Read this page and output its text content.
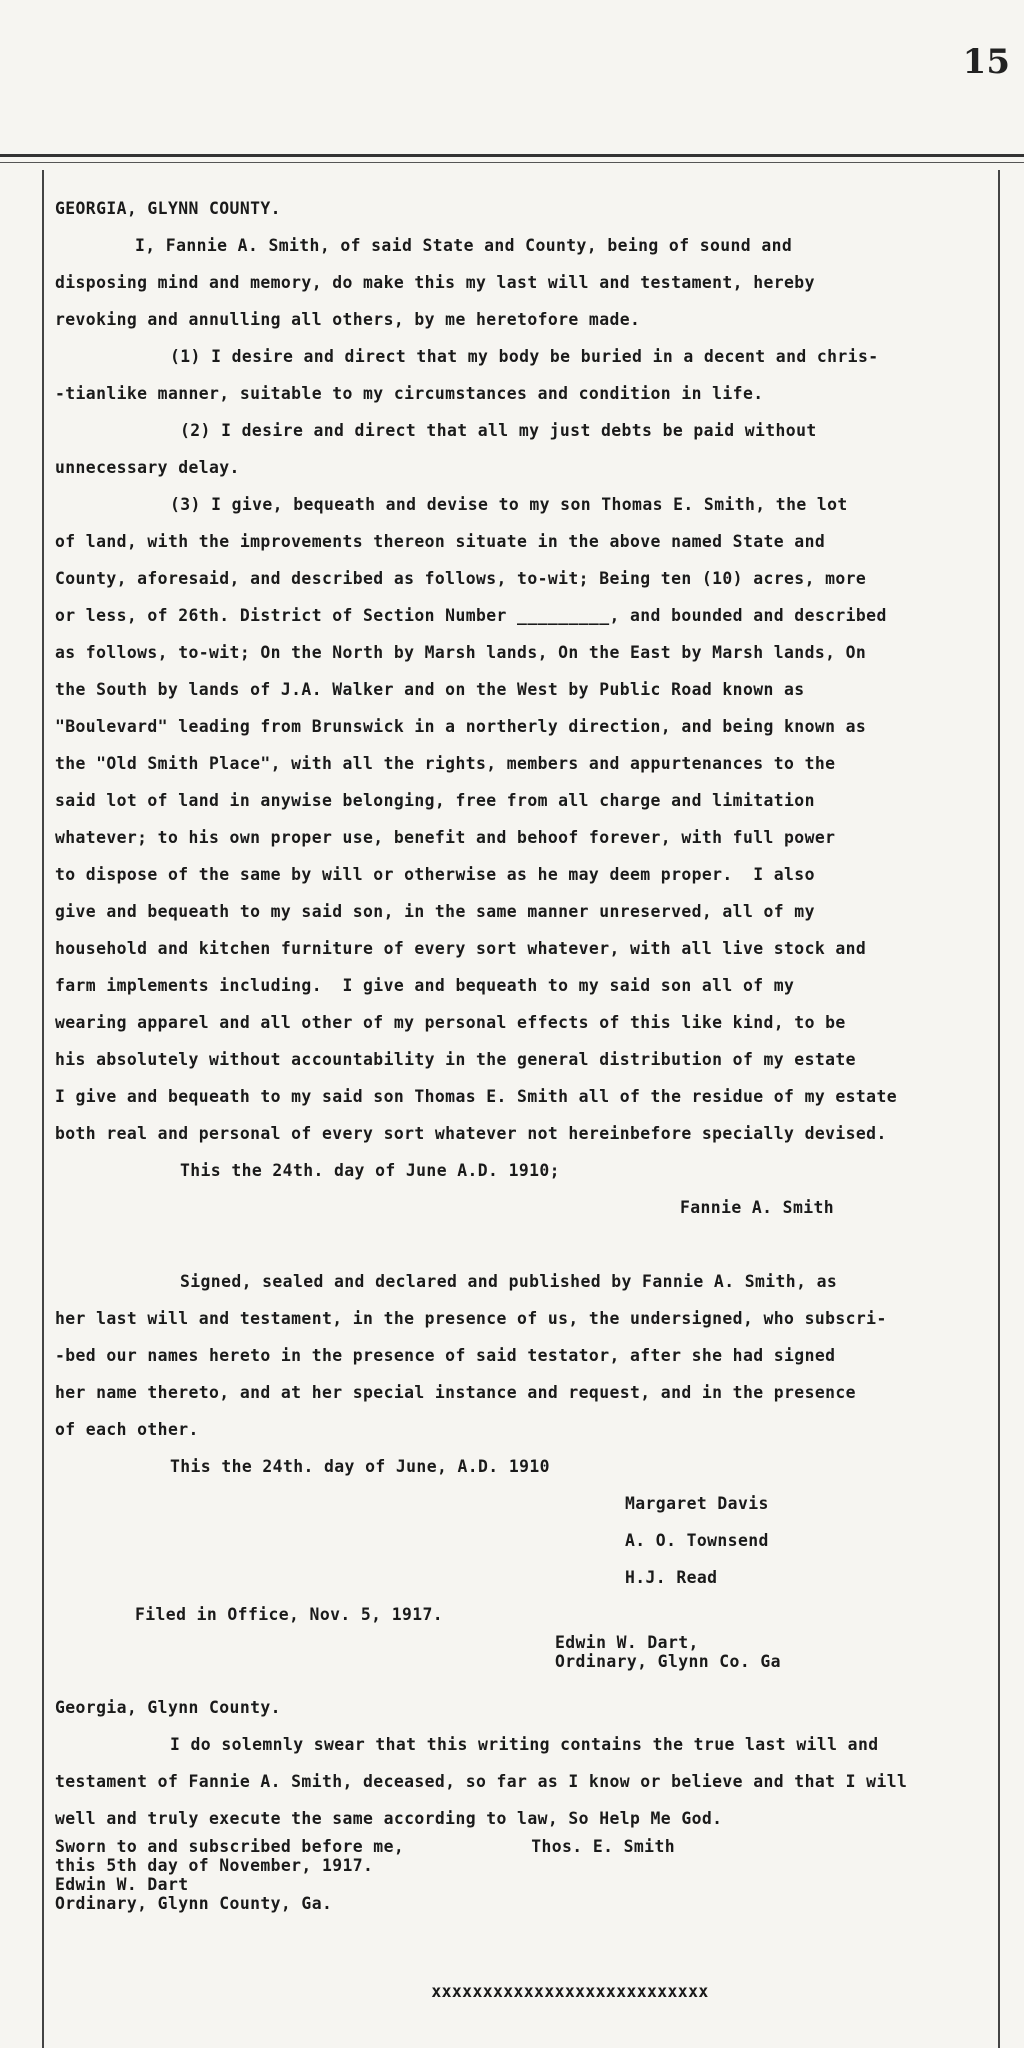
15
GEORGIA, GLYNN COUNTY.
I, Fannie A. Smith, of said State and County, being of sound and
disposing mind and memory, do make this my last will and testament, hereby
revoking and annulling all others, by me heretofore made.
(1) I desire and direct that my body be buried in a decent and chris-
-tianlike manner, suitable to my circumstances and condition in life.
(2) I desire and direct that all my just debts be paid without
unnecessary delay.
(3) I give, bequeath and devise to my son Thomas E. Smith, the lot
of land, with the improvements thereon situate in the above named State and
County, aforesaid, and described as follows, to-wit; Being ten (10) acres, more
or less, of 26th. District of Section Number _________, and bounded and described
as follows, to-wit; On the North by Marsh lands, On the East by Marsh lands, On
the South by lands of J.A. Walker and on the West by Public Road known as
"Boulevard" leading from Brunswick in a northerly direction, and being known as
the "Old Smith Place", with all the rights, members and appurtenances to the
said lot of land in anywise belonging, free from all charge and limitation
whatever; to his own proper use, benefit and behoof forever, with full power
to dispose of the same by will or otherwise as he may deem proper.  I also
give and bequeath to my said son, in the same manner unreserved, all of my
household and kitchen furniture of every sort whatever, with all live stock and
farm implements including.  I give and bequeath to my said son all of my
wearing apparel and all other of my personal effects of this like kind, to be
his absolutely without accountability in the general distribution of my estate
I give and bequeath to my said son Thomas E. Smith all of the residue of my estate
both real and personal of every sort whatever not hereinbefore specially devised.
This the 24th. day of June A.D. 1910;
Fannie A. Smith
Signed, sealed and declared and published by Fannie A. Smith, as
her last will and testament, in the presence of us, the undersigned, who subscri-
-bed our names hereto in the presence of said testator, after she had signed
her name thereto, and at her special instance and request, and in the presence
of each other.
This the 24th. day of June, A.D. 1910
Margaret Davis
A. O. Townsend
H.J. Read
Filed in Office, Nov. 5, 1917.
Edwin W. Dart,
Ordinary, Glynn Co. Ga
Georgia, Glynn County.
I do solemnly swear that this writing contains the true last will and
testament of Fannie A. Smith, deceased, so far as I know or believe and that I will
well and truly execute the same according to law, So Help Me God.
Sworn to and subscribed before me,	Thos. E. Smith
this 5th day of November, 1917.
Edwin W. Dart
Ordinary, Glynn County, Ga.
xxxxxxxxxxxxxxxxxxxxxxxxxxx
